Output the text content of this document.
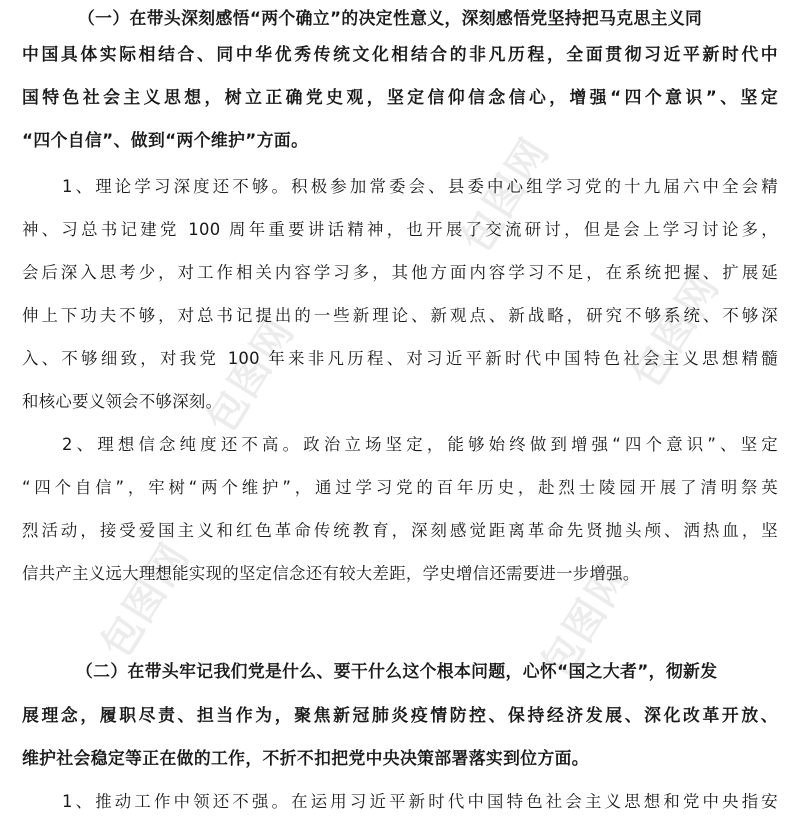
包图网
包图网	包图网
包图网	包图网
（一）在带头深刻感悟“两个确立”的决定性意义，深刻感悟党坚持把马克思主义同
中国具体实际相结合、同中华优秀传统文化相结合的非凡历程，全面贯彻习近平新时代中
国特色社会主义思想，树立正确党史观，坚定信仰信念信心，增强“四个意识”、坚定
“四个自信”、做到“两个维护”方面。
1、理论学习深度还不够。积极参加常委会、县委中心组学习党的十九届六中全会精
神、习总书记建党 100 周年重要讲话精神，也开展了交流研讨，但是会上学习讨论多，
会后深入思考少，对工作相关内容学习多，其他方面内容学习不足，在系统把握、扩展延
伸上下功夫不够，对总书记提出的一些新理论、新观点、新战略，研究不够系统、不够深
入、不够细致，对我党 100 年来非凡历程、对习近平新时代中国特色社会主义思想精髓
和核心要义领会不够深刻。
2、理想信念纯度还不高。政治立场坚定，能够始终做到增强“四个意识”、坚定
“四个自信”，牢树“两个维护”，通过学习党的百年历史，赴烈士陵园开展了清明祭英
烈活动，接受爱国主义和红色革命传统教育，深刻感觉距离革命先贤抛头颅、洒热血，坚
信共产主义远大理想能实现的坚定信念还有较大差距，学史增信还需要进一步增强。
（二）在带头牢记我们党是什么、要干什么这个根本问题，心怀“国之大者”，彻新发
展理念，履职尽责、担当作为，聚焦新冠肺炎疫情防控、保持经济发展、深化改革开放、
维护社会稳定等正在做的工作，不折不扣把党中央决策部署落实到位方面。
1、推动工作中领还不强。在运用习近平新时代中国特色社会主义思想和党中央指安
